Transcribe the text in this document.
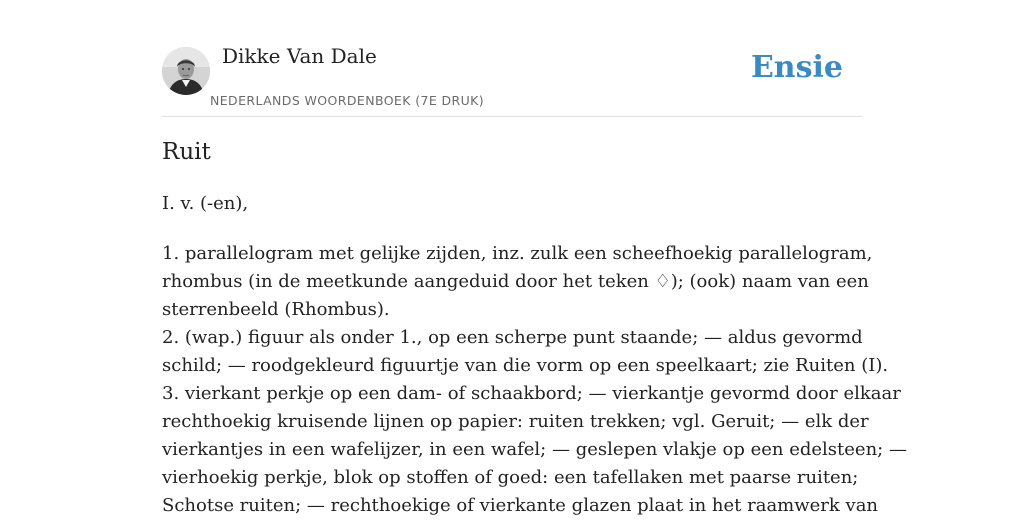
Dikke Van Dale
NEDERLANDS WOORDENBOEK (7E DRUK)
Ensie
Ruit
I. v. (-en),
1. parallelogram met gelijke zijden, inz. zulk een scheefhoekig parallelogram,
rhombus (in de meetkunde aangeduid door het teken ♢); (ook) naam van een
sterrenbeeld (Rhombus).
2. (wap.) figuur als onder 1., op een scherpe punt staande; — aldus gevormd
schild; — roodgekleurd figuurtje van die vorm op een speelkaart; zie Ruiten (I).
3. vierkant perkje op een dam- of schaakbord; — vierkantje gevormd door elkaar
rechthoekig kruisende lijnen op papier: ruiten trekken; vgl. Geruit; — elk der
vierkantjes in een wafelijzer, in een wafel; — geslepen vlakje op een edelsteen; —
vierhoekig perkje, blok op stoffen of goed: een tafellaken met paarse ruiten;
Schotse ruiten; — rechthoekige of vierkante glazen plaat in het raamwerk van
